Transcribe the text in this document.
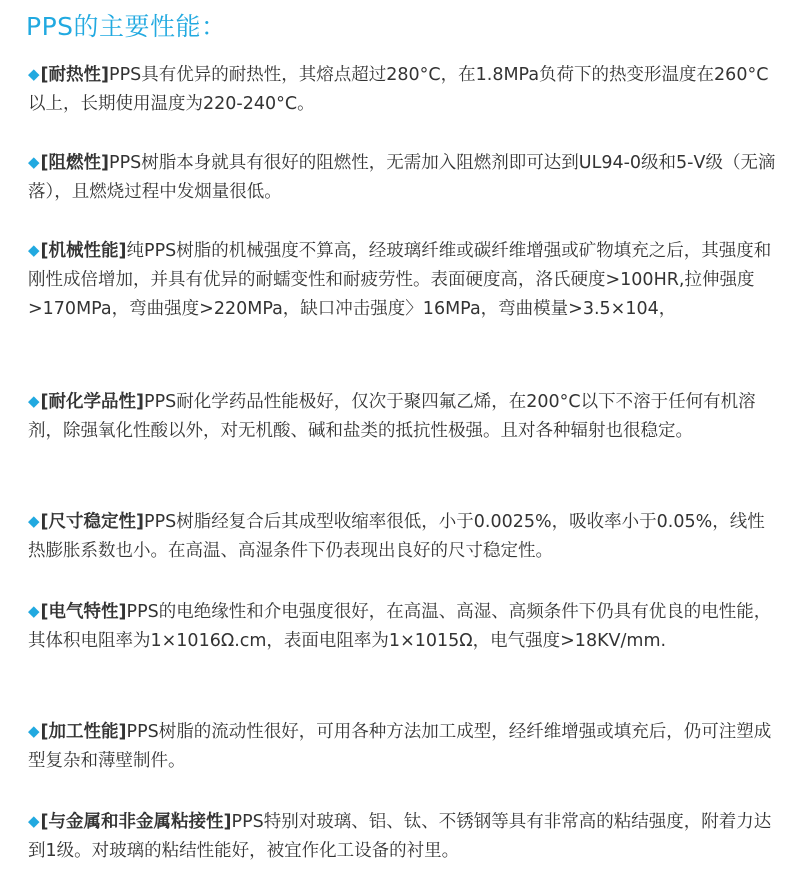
PPS的主要性能：

◆[耐热性]PPS具有优异的耐热性，其熔点超过280°C，在1.8MPa负荷下的热变形温度在260°C以上，长期使用温度为220-240°C。

◆[阻燃性]PPS树脂本身就具有很好的阻燃性，无需加入阻燃剂即可达到UL94-0级和5-V级（无滴落），且燃烧过程中发烟量很低。

◆[机械性能]纯PPS树脂的机械强度不算高，经玻璃纤维或碳纤维增强或矿物填充之后，其强度和刚性成倍增加，并具有优异的耐蠕变性和耐疲劳性。表面硬度高，洛氏硬度>100HR,拉伸强度>170MPa，弯曲强度>220MPa，缺口冲击强度〉16MPa，弯曲模量>3.5×104，

◆[耐化学品性]PPS耐化学药品性能极好，仅次于聚四氟乙烯，在200°C以下不溶于任何有机溶剂，除强氧化性酸以外，对无机酸、碱和盐类的抵抗性极强。且对各种辐射也很稳定。

◆[尺寸稳定性]PPS树脂经复合后其成型收缩率很低，小于0.0025%，吸收率小于0.05%，线性热膨胀系数也小。在高温、高湿条件下仍表现出良好的尺寸稳定性。

◆[电气特性]PPS的电绝缘性和介电强度很好，在高温、高湿、高频条件下仍具有优良的电性能，其体积电阻率为1×1016Ω.cm，表面电阻率为1×1015Ω，电气强度>18KV/mm.

◆[加工性能]PPS树脂的流动性很好，可用各种方法加工成型，经纤维增强或填充后，仍可注塑成型复杂和薄壁制件。

◆[与金属和非金属粘接性]PPS特别对玻璃、铝、钛、不锈钢等具有非常高的粘结强度，附着力达到1级。对玻璃的粘结性能好，被宜作化工设备的衬里。
